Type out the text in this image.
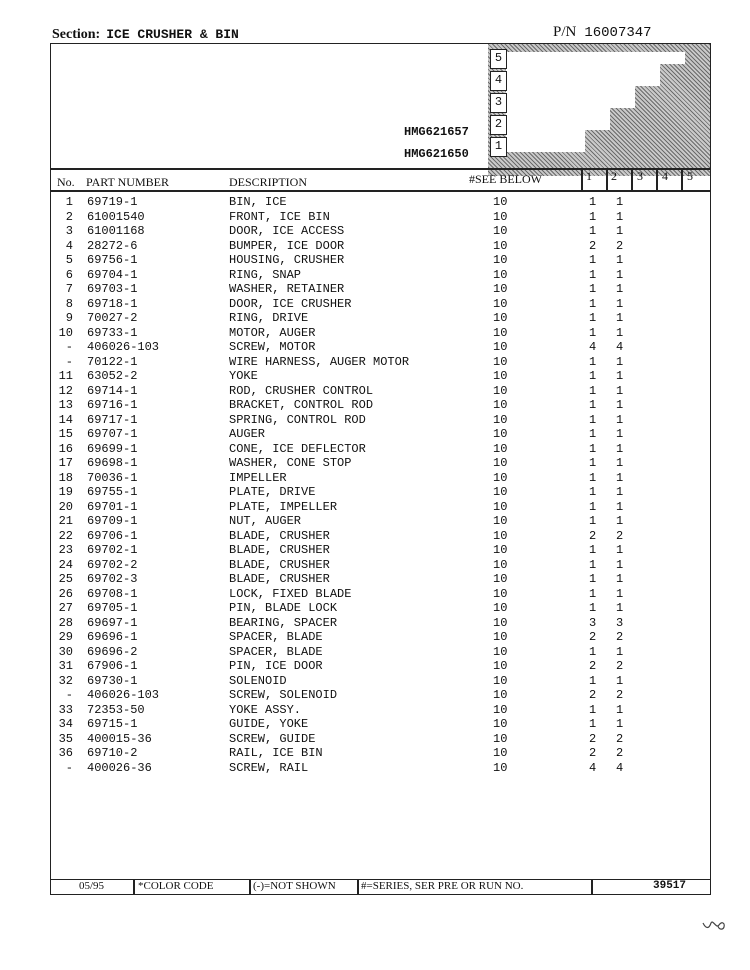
Section: ICE CRUSHER & BIN	P/N 16007347
5
4
3
2
1
HMG621657
HMG621650
No. PART NUMBER	DESCRIPTION	#SEE BELOW	1 2 3 4 5
1 69719-1	BIN, ICE	10	1 1
2 61001540	FRONT, ICE BIN	10	1 1
3 61001168	DOOR, ICE ACCESS	10	1 1
4 28272-6	BUMPER, ICE DOOR	10	2 2
5 69756-1	HOUSING, CRUSHER	10	1 1
6 69704-1	RING, SNAP	10	1 1
7 69703-1	WASHER, RETAINER	10	1 1
8 69718-1	DOOR, ICE CRUSHER	10	1 1
9 70027-2	RING, DRIVE	10	1 1
10 69733-1	MOTOR, AUGER	10	1 1
- 406026-103	SCREW, MOTOR	10	4 4
- 70122-1	WIRE HARNESS, AUGER MOTOR	10	1 1
11 63052-2	YOKE	10	1 1
12 69714-1	ROD, CRUSHER CONTROL	10	1 1
13 69716-1	BRACKET, CONTROL ROD	10	1 1
14 69717-1	SPRING, CONTROL ROD	10	1 1
15 69707-1	AUGER	10	1 1
16 69699-1	CONE, ICE DEFLECTOR	10	1 1
17 69698-1	WASHER, CONE STOP	10	1 1
18 70036-1	IMPELLER	10	1 1
19 69755-1	PLATE, DRIVE	10	1 1
20 69701-1	PLATE, IMPELLER	10	1 1
21 69709-1	NUT, AUGER	10	1 1
22 69706-1	BLADE, CRUSHER	10	2 2
23 69702-1	BLADE, CRUSHER	10	1 1
24 69702-2	BLADE, CRUSHER	10	1 1
25 69702-3	BLADE, CRUSHER	10	1 1
26 69708-1	LOCK, FIXED BLADE	10	1 1
27 69705-1	PIN, BLADE LOCK	10	1 1
28 69697-1	BEARING, SPACER	10	3 3
29 69696-1	SPACER, BLADE	10	2 2
30 69696-2	SPACER, BLADE	10	1 1
31 67906-1	PIN, ICE DOOR	10	2 2
32 69730-1	SOLENOID	10	1 1
- 406026-103	SCREW, SOLENOID	10	2 2
33 72353-50	YOKE ASSY.	10	1 1
34 69715-1	GUIDE, YOKE	10	1 1
35 400015-36	SCREW, GUIDE	10	2 2
36 69710-2	RAIL, ICE BIN	10	2 2
- 400026-36	SCREW, RAIL	10	4 4
05/95	*COLOR CODE	(-)=NOT SHOWN #=SERIES, SER PRE OR RUN NO.	39517
